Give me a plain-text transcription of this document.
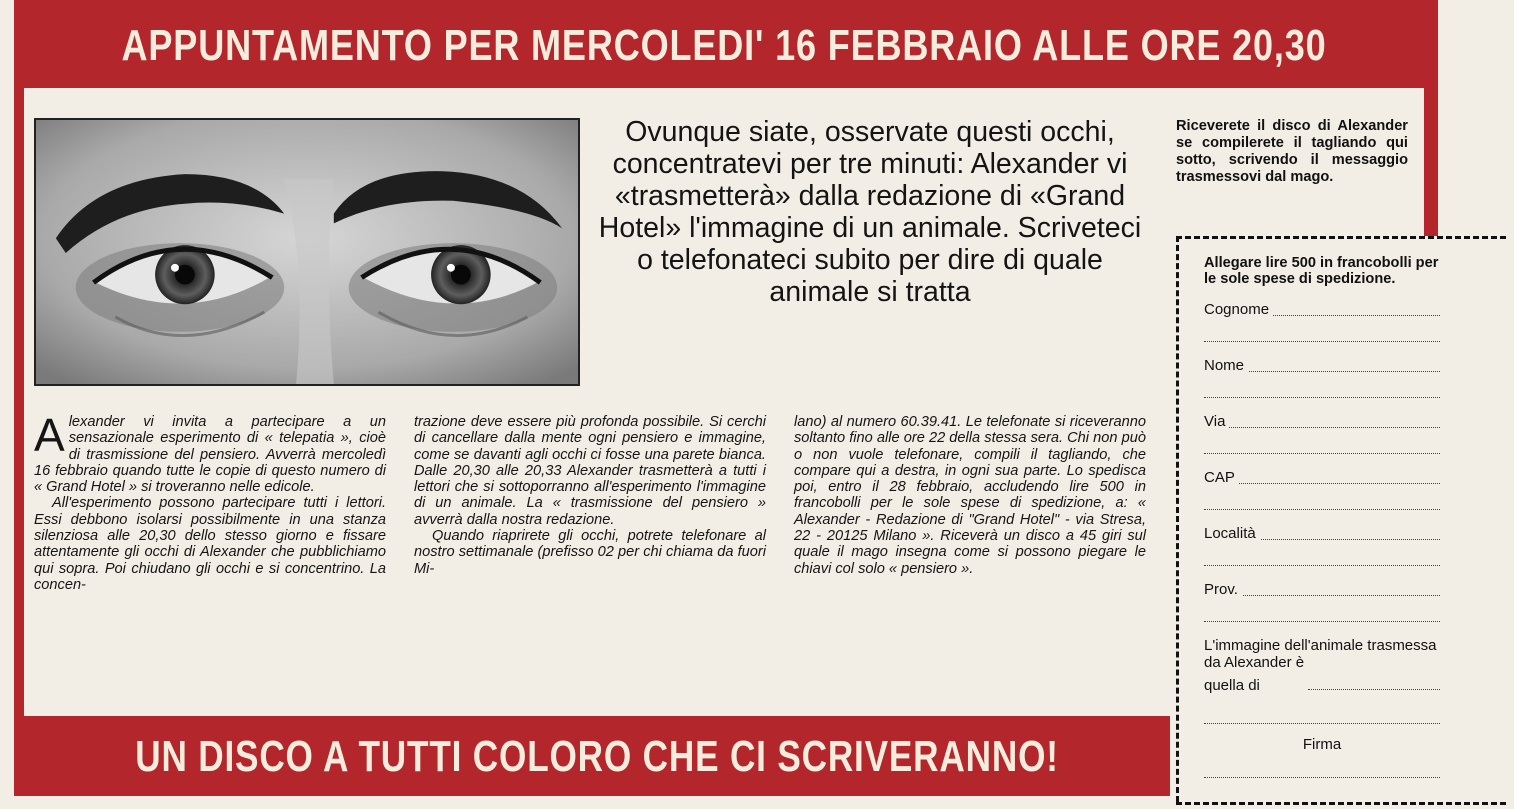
APPUNTAMENTO PER MERCOLEDI' 16 FEBBRAIO ALLE ORE 20,30
UN DISCO A TUTTI COLORO CHE CI SCRIVERANNO!
Ovunque siate, osservate questi occhi, concentratevi per tre minuti: Alexander vi «trasmetterà» dalla redazione di «Grand Hotel» l'immagine di un animale. Scriveteci o telefonateci subito per dire di quale animale si tratta

Alexander vi invita a partecipare a un sensazionale esperimento di « telepatia », cioè di trasmissione del pensiero. Avverrà mercoledì 16 febbraio quando tutte le copie di questo numero di « Grand Hotel » si troveranno nelle edicole.

All'esperimento possono partecipare tutti i lettori. Essi debbono isolarsi possibilmente in una stanza silenziosa alle 20,30 dello stesso giorno e fissare attentamente gli occhi di Alexander che pubblichiamo qui sopra. Poi chiudano gli occhi e si concentrino. La concen-

trazione deve essere più profonda possibile. Si cerchi di cancellare dalla mente ogni pensiero e immagine, come se davanti agli occhi ci fosse una parete bianca. Dalle 20,30 alle 20,33 Alexander trasmetterà a tutti i lettori che si sottoporranno all'esperimento l'immagine di un animale. La « trasmissione del pensiero » avverrà dalla nostra redazione.

Quando riaprirete gli occhi, potrete telefonare al nostro settimanale (prefisso 02 per chi chiama da fuori Mi-

lano) al numero 60.39.41. Le telefonate si riceveranno soltanto fino alle ore 22 della stessa sera. Chi non può o non vuole telefonare, compili il tagliando, che compare qui a destra, in ogni sua parte. Lo spedisca poi, entro il 28 febbraio, accludendo lire 500 in francobolli per le sole spese di spedizione, a: « Alexander - Redazione di "Grand Hotel" - via Stresa, 22 - 20125 Milano ». Riceverà un disco a 45 giri sul quale il mago insegna come si possono piegare le chiavi col solo « pensiero ».

Riceverete il disco di Alexander se compilerete il tagliando qui sotto, scrivendo il messaggio trasmessovi dal mago.
Allegare lire 500 in francobolli per le sole spese di spedizione.
Cognome
Nome
Via
CAP
Località
Prov.
L'immagine dell'animale trasmessa da Alexander è
quella di
Firma
